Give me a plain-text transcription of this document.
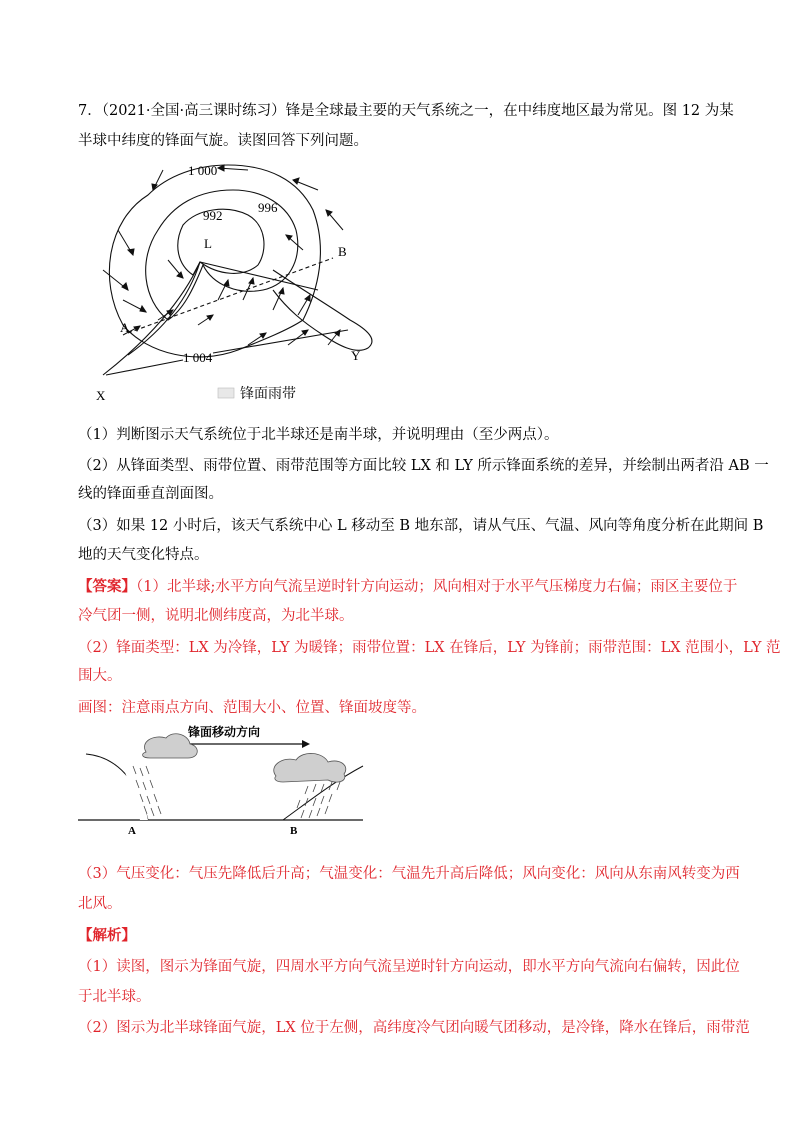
7．（2021·全国·高三课时练习）锋是全球最主要的天气系统之一，在中纬度地区最为常见。图 12 为某
半球中纬度的锋面气旋。读图回答下列问题。
1 000
996
992
1 004
L
A
B
X
Y
锋面雨带
（1）判断图示天气系统位于北半球还是南半球，并说明理由（至少两点）。
（2）从锋面类型、雨带位置、雨带范围等方面比较 LX 和 LY 所示锋面系统的差异，并绘制出两者沿 AB 一
线的锋面垂直剖面图。
（3）如果 12 小时后，该天气系统中心 L 移动至 B 地东部，请从气压、气温、风向等角度分析在此期间 B
地的天气变化特点。
【答案】（1）北半球;水平方向气流呈逆时针方向运动；风向相对于水平气压梯度力右偏；雨区主要位于
冷气团一侧，说明北侧纬度高，为北半球。
（2）锋面类型：LX 为冷锋，LY 为暖锋；雨带位置：LX 在锋后，LY 为锋前；雨带范围：LX 范围小，LY 范
围大。
画图：注意雨点方向、范围大小、位置、锋面坡度等。
锋面移动方向
A	B
（3）气压变化：气压先降低后升高；气温变化：气温先升高后降低；风向变化：风向从东南风转变为西
北风。
【解析】
（1）读图，图示为锋面气旋，四周水平方向气流呈逆时针方向运动，即水平方向气流向右偏转，因此位
于北半球。
（2）图示为北半球锋面气旋，LX 位于左侧，高纬度冷气团向暖气团移动，是冷锋，降水在锋后，雨带范
